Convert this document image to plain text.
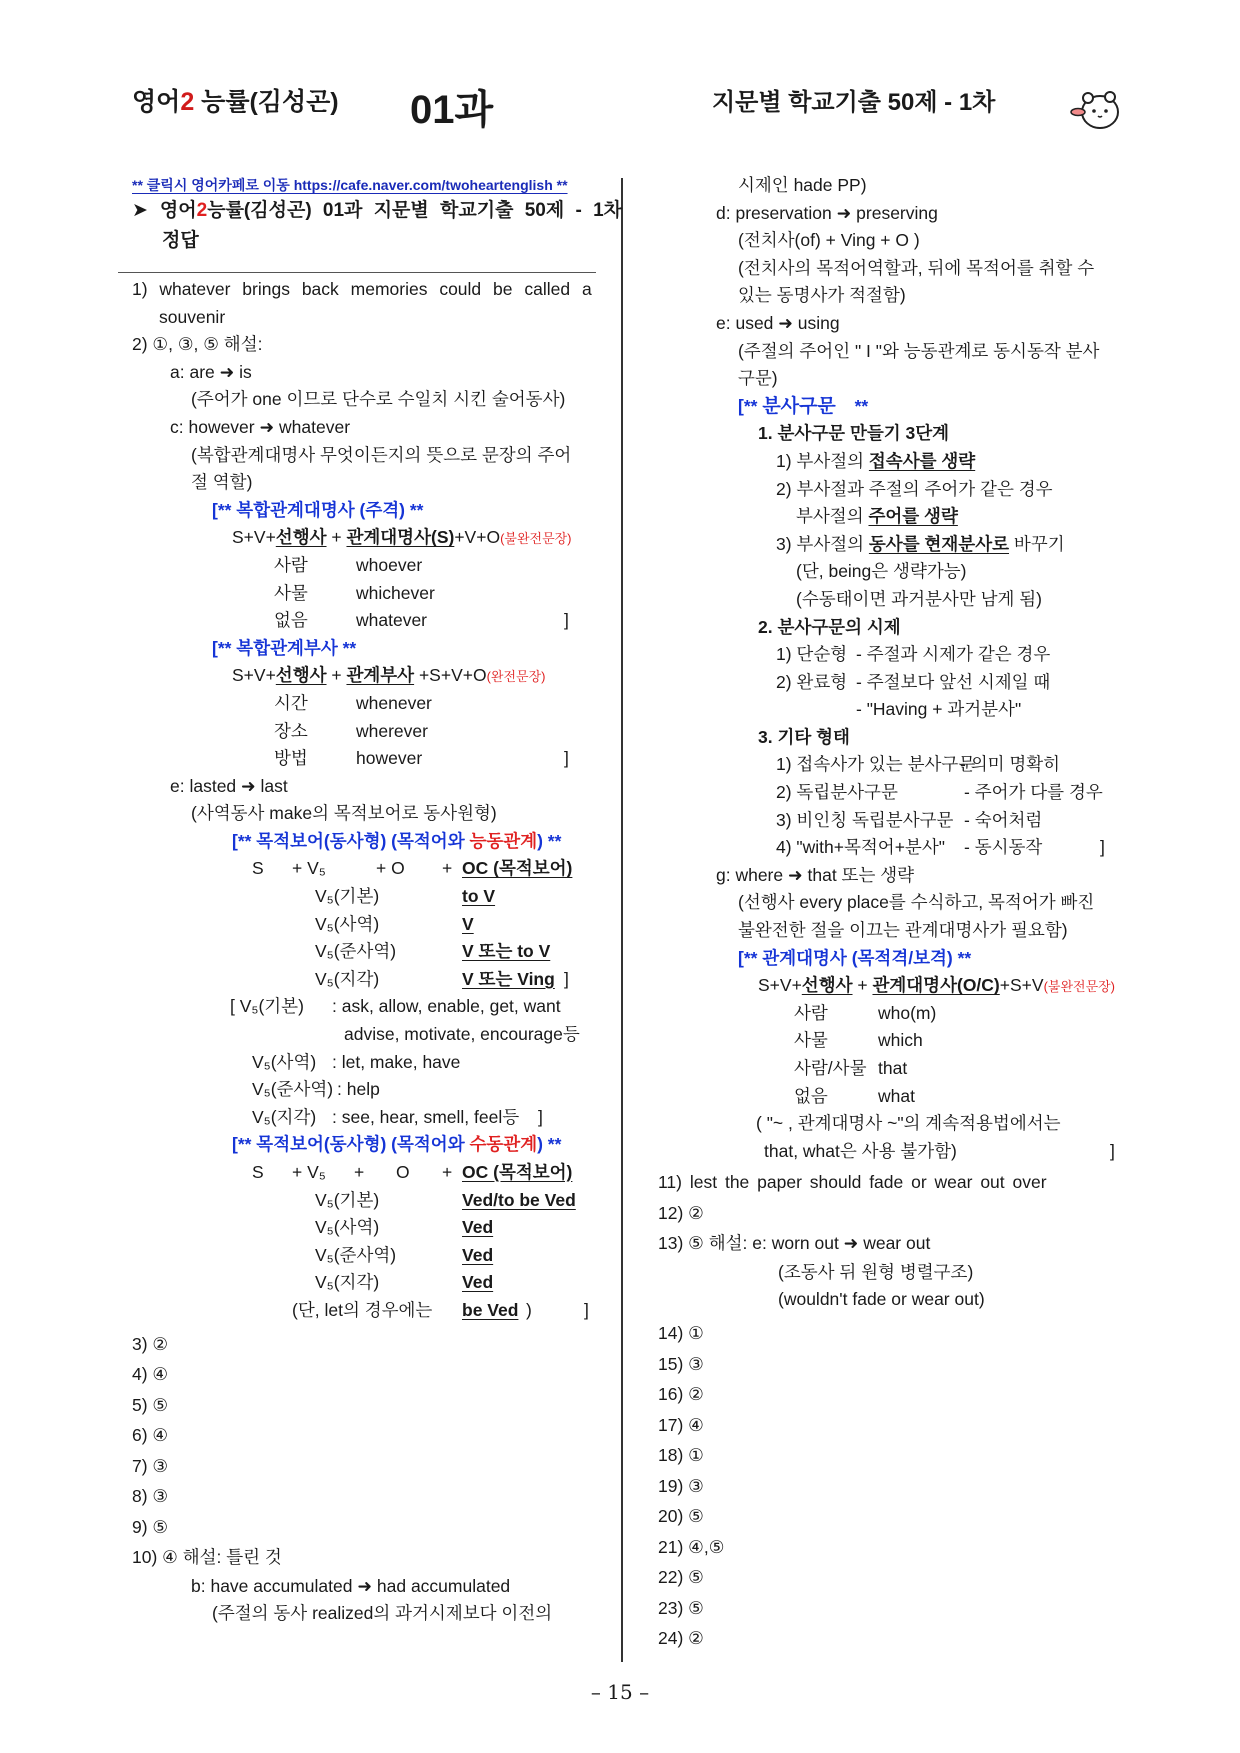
영어2 능률(김성곤) 01과	지문별 학교기출 50제 - 1차
** 클릭시 영어카페로 이동 https://cafe.naver.com/twoheartenglish **
➤ 영어2능률(김성곤) 01과 지문별 학교기출 50제 - 1차
정답
1) whatever brings back memories could be called a
souvenir
2) ①, ③, ⑤ 해설:
a: are ➜ is
(주어가 one 이므로 단수로 수일치 시킨 술어동사)
c: however ➜ whatever
(복합관계대명사 무엇이든지의 뜻으로 문장의 주어
절 역할)
[** 복합관계대명사 (주격) **
S+V+선행사 + 관계대명사(S)+V+O(불완전문장)
사람	whoever
사물	whichever
없음	whatever	]
[** 복합관계부사 **
S+V+선행사 + 관계부사 +S+V+O(완전문장)
시간	whenever
장소	wherever
방법	however	]
e: lasted ➜ last
(사역동사 make의 목적보어로 동사원형)
[** 목적보어(동사형) (목적어와 능동관계) **
S + V₅	+ O + OC (목적보어)
V₅(기본)	to V
V₅(사역)	V
V₅(준사역)	V 또는 to V
V₅(지각)	V 또는 Ving ]
[ V₅(기본) : ask, allow, enable, get, want
advise, motivate, encourage등
V₅(사역) : let, make, have
V₅(준사역) : help
V₅(지각) : see, hear, smell, feel등 ]
[** 목적보어(동사형) (목적어와 수동관계) **
S + V₅ + O + OC (목적보어)
V₅(기본)	Ved/to be Ved
V₅(사역)	Ved
V₅(준사역)	Ved
V₅(지각)	Ved
(단, let의 경우에는 be Ved )	]
3) ②
4) ④
5) ⑤
6) ④
7) ③
8) ③
9) ⑤
10) ④ 해설: 틀린 것
b: have accumulated ➜ had accumulated
(주절의 동사 realized의 과거시제보다 이전의
시제인 hade PP)
d: preservation ➜ preserving
(전치사(of) + Ving + O )
(전치사의 목적어역할과, 뒤에 목적어를 취할 수
있는 동명사가 적절함)
e: used ➜ using
(주절의 주어인 " I "와 능동관계로 동시동작 분사
구문)
[** 분사구문 **
1. 분사구문 만들기 3단계
1) 부사절의 접속사를 생략
2) 부사절과 주절의 주어가 같은 경우
부사절의 주어를 생략
3) 부사절의 동사를 현재분사로 바꾸기
(단, being은 생략가능)
(수동태이면 과거분사만 남게 됨)
2. 분사구문의 시제
1) 단순형 - 주절과 시제가 같은 경우
2) 완료형 - 주절보다 앞선 시제일 때
- "Having + 과거분사"
3. 기타 형태
1) 접속사가 있는 분사구문
- 의미 명확히
2) 독립분사구문	- 주어가 다를 경우
3) 비인칭 독립분사구문 - 숙어처럼
4) "with+목적어+분사" - 동시동작	]
g: where ➜ that 또는 생략
(선행사 every place를 수식하고, 목적어가 빠진
불완전한 절을 이끄는 관계대명사가 필요함)
[** 관계대명사 (목적격/보격) **
S+V+선행사 + 관계대명사(O/C)+S+V(불완전문장)
사람	who(m)
사물	which
사람/사물 that
없음	what
( "~ , 관계대명사 ~"의 계속적용법에서는
that, what은 사용 불가함)	]
11) lest the paper should fade or wear out over
12) ②
13) ⑤ 해설: e: worn out ➜ wear out
(조동사 뒤 원형 병렬구조)
(wouldn't fade or wear out)
14) ①
15) ③
16) ②
17) ④
18) ①
19) ③
20) ⑤
21) ④,⑤
22) ⑤
23) ⑤
24) ②
– 15 –
